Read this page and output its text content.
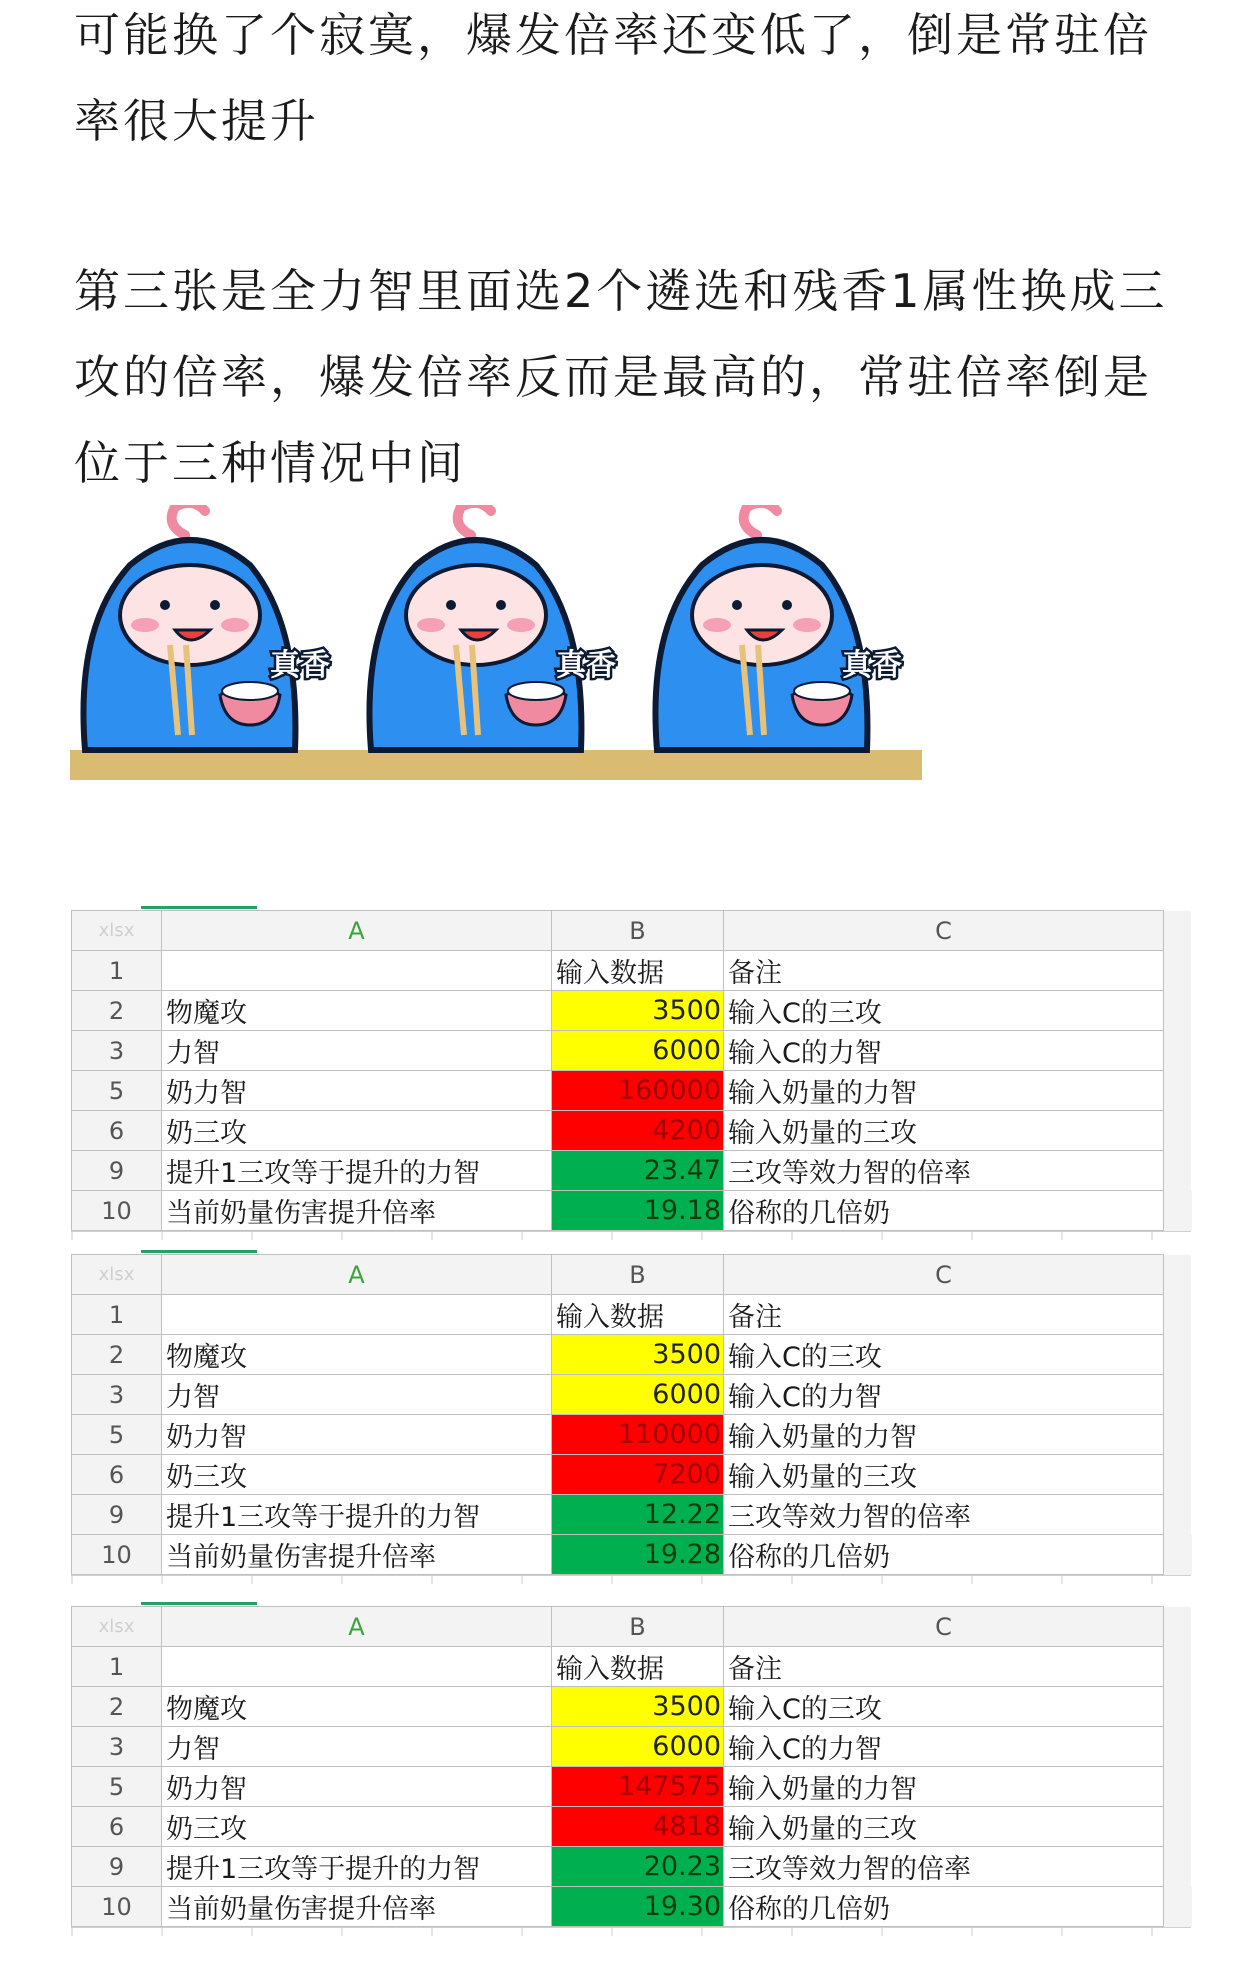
可能换了个寂寞，爆发倍率还变低了，倒是常驻倍率很大提升

第三张是全力智里面选2个遴选和残香1属性换成三攻的倍率，爆发倍率反而是最高的，常驻倍率倒是位于三种情况中间

真香
xlsx	A	B	C	
1		输入数据	备注	
2	物魔攻	3500	输入C的三攻	
3	力智	6000	输入C的力智	
5	奶力智	160000	输入奶量的力智	
6	奶三攻	4200	输入奶量的三攻	
9	提升1三攻等于提升的力智	23.47	三攻等效力智的倍率	
10	当前奶量伤害提升倍率	19.18	俗称的几倍奶	
xlsx	A	B	C	
1		输入数据	备注	
2	物魔攻	3500	输入C的三攻	
3	力智	6000	输入C的力智	
5	奶力智	110000	输入奶量的力智	
6	奶三攻	7200	输入奶量的三攻	
9	提升1三攻等于提升的力智	12.22	三攻等效力智的倍率	
10	当前奶量伤害提升倍率	19.28	俗称的几倍奶	
xlsx	A	B	C	
1		输入数据	备注	
2	物魔攻	3500	输入C的三攻	
3	力智	6000	输入C的力智	
5	奶力智	147575	输入奶量的力智	
6	奶三攻	4818	输入奶量的三攻	
9	提升1三攻等于提升的力智	20.23	三攻等效力智的倍率	
10	当前奶量伤害提升倍率	19.30	俗称的几倍奶	
